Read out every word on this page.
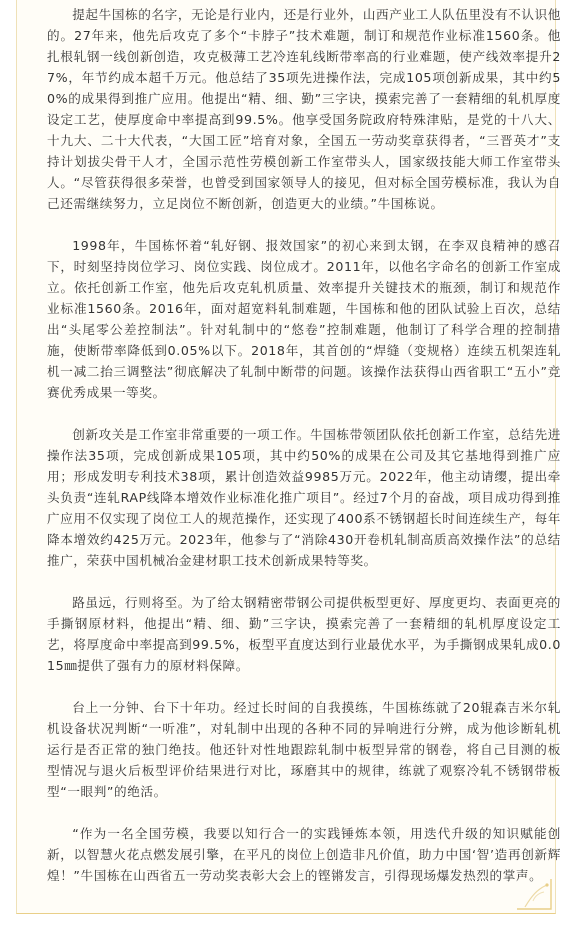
提起牛国栋的名字，无论是行业内，还是行业外，山西产业工人队伍里没有不认识他的。27年来，他先后攻克了多个“卡脖子”技术难题，制订和规范作业标准1560条。他扎根轧钢一线创新创造，攻克极薄工艺冷连轧线断带率高的行业难题，使产线效率提升27%，年节约成本超千万元。他总结了35项先进操作法，完成105项创新成果，其中约50%的成果得到推广应用。他提出“精、细、勤”三字诀，摸索完善了一套精细的轧机厚度设定工艺，使厚度命中率提高到99.5%。他享受国务院政府特殊津贴，是党的十八大、十九大、二十大代表，“大国工匠”培育对象，全国五一劳动奖章获得者，“三晋英才”支持计划拔尖骨干人才，全国示范性劳模创新工作室带头人，国家级技能大师工作室带头人。“尽管获得很多荣誉，也曾受到国家领导人的接见，但对标全国劳模标准，我认为自己还需继续努力，立足岗位不断创新，创造更大的业绩。”牛国栋说。

1998年，牛国栋怀着“轧好钢、报效国家”的初心来到太钢，在李双良精神的感召下，时刻坚持岗位学习、岗位实践、岗位成才。2011年，以他名字命名的创新工作室成立。依托创新工作室，他先后攻克轧机质量、效率提升关键技术的瓶颈，制订和规范作业标准1560条。2016年，面对超宽料轧制难题，牛国栋和他的团队试验上百次，总结出“头尾零公差控制法”。针对轧制中的“悠卷”控制难题，他制订了科学合理的控制措施，使断带率降低到0.05%以下。2018年，其首创的“焊缝（变规格）连续五机架连轧机一减二抬三调整法”彻底解决了轧制中断带的问题。该操作法获得山西省职工“五小”竞赛优秀成果一等奖。

创新攻关是工作室非常重要的一项工作。牛国栋带领团队依托创新工作室，总结先进操作法35项，完成创新成果105项，其中约50%的成果在公司及其它基地得到推广应用；形成发明专利技术38项，累计创造效益9985万元。2022年，他主动请缨，提出牵头负责“连轧RAP线降本增效作业标准化推广项目”。经过7个月的奋战，项目成功得到推广应用不仅实现了岗位工人的规范操作，还实现了400系不锈钢超长时间连续生产，每年降本增效约425万元。2023年，他参与了“消除430开卷机轧制高质高效操作法”的总结推广，荣获中国机械冶金建材职工技术创新成果特等奖。

路虽远，行则将至。为了给太钢精密带钢公司提供板型更好、厚度更均、表面更亮的手撕钢原材料，他提出“精、细、勤”三字诀，摸索完善了一套精细的轧机厚度设定工艺，将厚度命中率提高到99.5%，板型平直度达到行业最优水平，为手撕钢成果轧成0.015㎜提供了强有力的原材料保障。

台上一分钟、台下十年功。经过长时间的自我摸练，牛国栋练就了20辊森吉米尔轧机设备状况判断“一听准”，对轧制中出现的各种不同的异响进行分辨，成为他诊断轧机运行是否正常的独门绝技。他还针对性地跟踪轧制中板型异常的钢卷，将自己目测的板型情况与退火后板型评价结果进行对比，琢磨其中的规律，练就了观察冷轧不锈钢带板型“一眼判”的绝活。

“作为一名全国劳模，我要以知行合一的实践锤炼本领，用迭代升级的知识赋能创新，以智慧火花点燃发展引擎，在平凡的岗位上创造非凡价值，助力中国‘智’造再创新辉煌！”牛国栋在山西省五一劳动奖表彰大会上的铿锵发言，引得现场爆发热烈的掌声。
